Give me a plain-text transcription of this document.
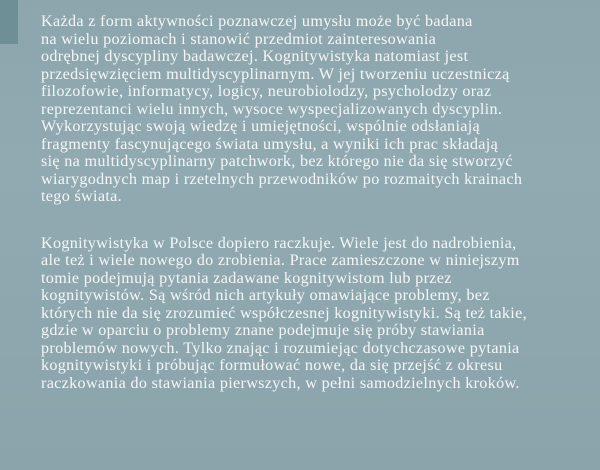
Każda z form aktywności poznawczej umysłu może być badana
na wielu poziomach i stanowić przedmiot zainteresowania
odrębnej dyscypliny badawczej. Kognitywistyka natomiast jest
przedsięwzięciem multidyscyplinarnym. W jej tworzeniu uczestniczą
filozofowie, informatycy, logicy, neurobiolodzy, psycholodzy oraz
reprezentanci wielu innych, wysoce wyspecjalizowanych dyscyplin.
Wykorzystując swoją wiedzę i umiejętności, wspólnie odsłaniają
fragmenty fascynującego świata umysłu, a wyniki ich prac składają
się na multidyscyplinarny patchwork, bez którego nie da się stworzyć
wiarygodnych map i rzetelnych przewodników po rozmaitych krainach
tego świata.

Kognitywistyka w Polsce dopiero raczkuje. Wiele jest do nadrobienia,
ale też i wiele nowego do zrobienia. Prace zamieszczone w niniejszym
tomie podejmują pytania zadawane kognitywistom lub przez
kognitywistów. Są wśród nich artykuły omawiające problemy, bez
których nie da się zrozumieć współczesnej kognitywistyki. Są też takie,
gdzie w oparciu o problemy znane podejmuje się próby stawiania
problemów nowych. Tylko znając i rozumiejąc dotychczasowe pytania
kognitywistyki i próbując formułować nowe, da się przejść z okresu
raczkowania do stawiania pierwszych, w pełni samodzielnych kroków.
